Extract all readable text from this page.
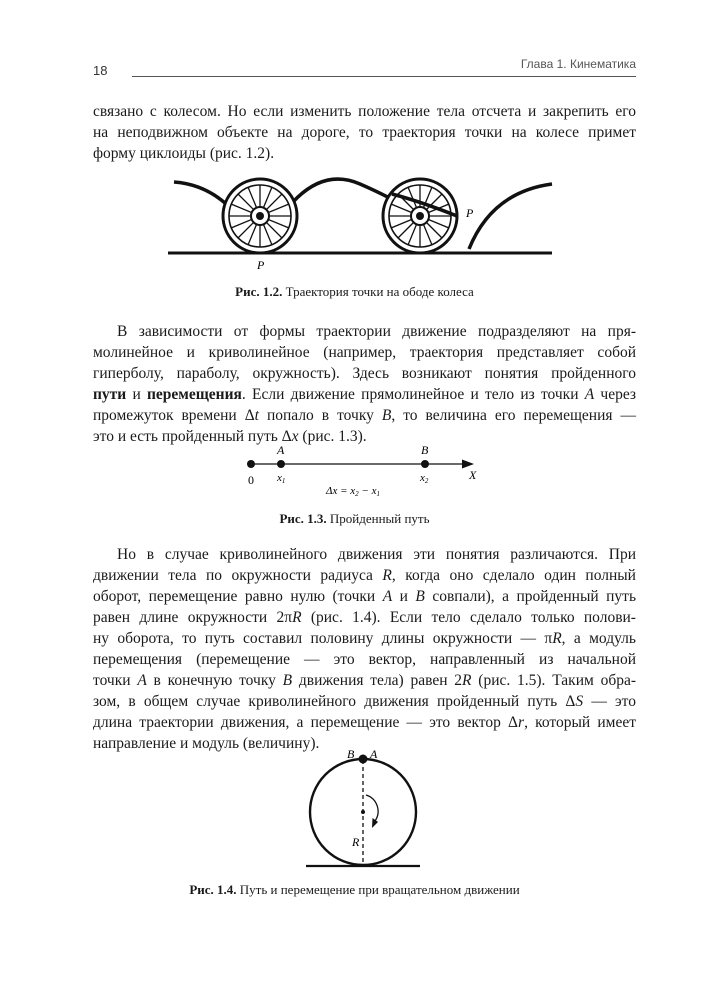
18	Глава 1. Кинематика
связано с колесом. Но если изменить положение тела отсчета и закрепить его
на неподвижном объекте на дороге, то траектория точки на колесе примет
форму циклоиды (рис. 1.2).
P
P
Рис. 1.2. Траектория точки на ободе колеса
В зависимости от формы траектории движение подразделяют на пря-
молинейное и криволинейное (например, траектория представляет собой
гиперболу, параболу, окружность). Здесь возникают понятия пройденного
пути и перемещения. Если движение прямолинейное и тело из точки A через
промежуток времени Δt попало в точку B, то величина его перемещения —
это и есть пройденный путь Δx (рис. 1.3).
0
A	B
X
x1	x2
Δx = x2 − x1
Рис. 1.3. Пройденный путь
Но в случае криволинейного движения эти понятия различаются. При
движении тела по окружности радиуса R, когда оно сделало один полный
оборот, перемещение равно нулю (точки A и B совпали), а пройденный путь
равен длине окружности 2πR (рис. 1.4). Если тело сделало только полови-
ну оборота, то путь составил половину длины окружности — πR, а модуль
перемещения (перемещение — это вектор, направленный из начальной
точки A в конечную точку B движения тела) равен 2R (рис. 1.5). Таким обра-
зом, в общем случае криволинейного движения пройденный путь ΔS — это
длина траектории движения, а перемещение — это вектор Δr, который имеет
направление и модуль (величину).
B A
R
Рис. 1.4. Путь и перемещение при вращательном движении
